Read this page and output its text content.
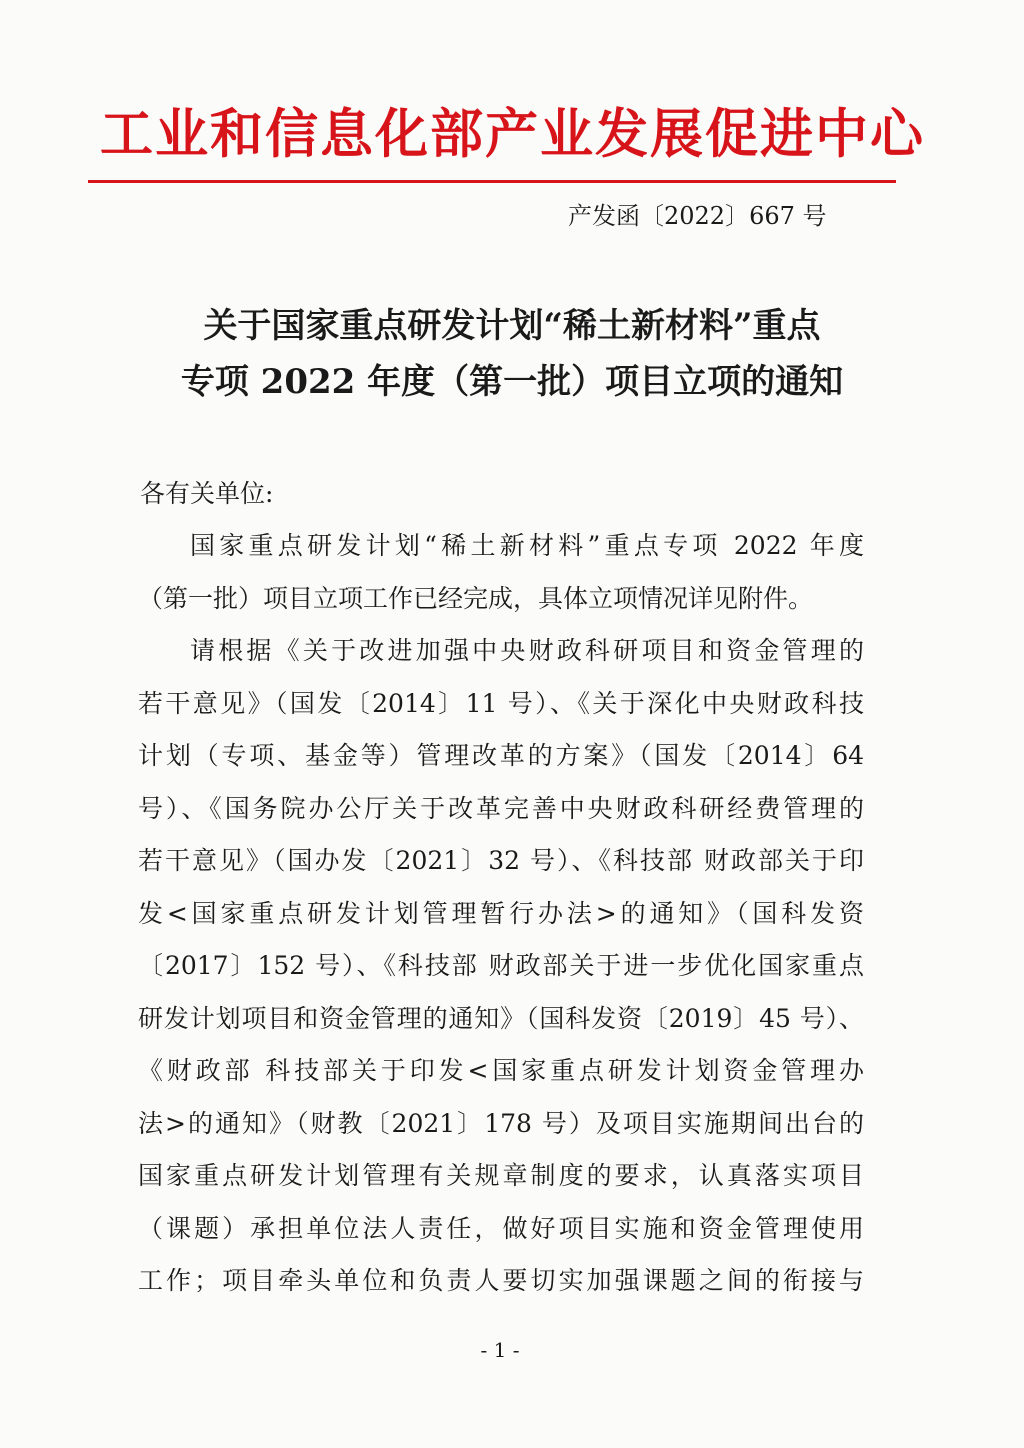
工业和信息化部产业发展促进中心
产发函〔2022〕667 号
关于国家重点研发计划“稀土新材料”重点
专项 2022 年度（第一批）项目立项的通知
各有关单位:
国家重点研发计划“稀土新材料”重点专项 2022 年度
（第一批）项目立项工作已经完成，具体立项情况详见附件。
请根据《关于改进加强中央财政科研项目和资金管理的
若干意见》（国发〔2014〕11 号）、《关于深化中央财政科技
计划（专项、基金等）管理改革的方案》（国发〔2014〕64
号）、《国务院办公厅关于改革完善中央财政科研经费管理的
若干意见》（国办发〔2021〕32 号）、《科技部 财政部关于印
发<国家重点研发计划管理暂行办法>的通知》（国科发资
〔2017〕152 号）、《科技部 财政部关于进一步优化国家重点
研发计划项目和资金管理的通知》（国科发资〔2019〕45 号）、
《财政部 科技部关于印发<国家重点研发计划资金管理办
法>的通知》（财教〔2021〕178 号）及项目实施期间出台的
国家重点研发计划管理有关规章制度的要求，认真落实项目
（课题）承担单位法人责任，做好项目实施和资金管理使用
工作；项目牵头单位和负责人要切实加强课题之间的衔接与
- 1 -
